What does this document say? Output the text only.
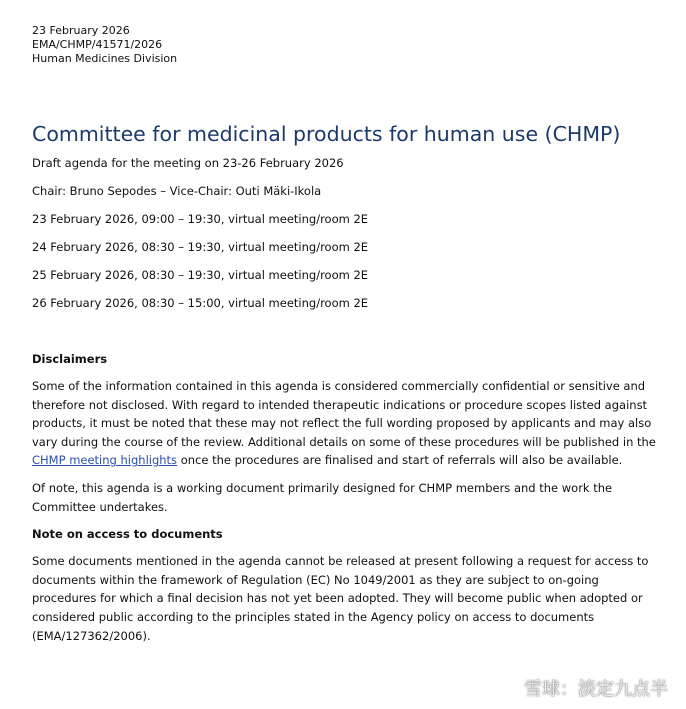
23 February 2026

EMA/CHMP/41571/2026

Human Medicines Division

Committee for medicinal products for human use (CHMP)

Draft agenda for the meeting on 23-26 February 2026

Chair: Bruno Sepodes – Vice-Chair: Outi Mäki-Ikola

23 February 2026, 09:00 – 19:30, virtual meeting/room 2E

24 February 2026, 08:30 – 19:30, virtual meeting/room 2E

25 February 2026, 08:30 – 19:30, virtual meeting/room 2E

26 February 2026, 08:30 – 15:00, virtual meeting/room 2E

Disclaimers

Some of the information contained in this agenda is considered commercially confidential or sensitive and therefore not disclosed. With regard to intended therapeutic indications or procedure scopes listed against products, it must be noted that these may not reflect the full wording proposed by applicants and may also vary during the course of the review. Additional details on some of these procedures will be published in the CHMP meeting highlights once the procedures are finalised and start of referrals will also be available.

Of note, this agenda is a working document primarily designed for CHMP members and the work the Committee undertakes.

Note on access to documents

Some documents mentioned in the agenda cannot be released at present following a request for access to documents within the framework of Regulation (EC) No 1049/2001 as they are subject to on-going procedures for which a final decision has not yet been adopted. They will become public when adopted or considered public according to the principles stated in the Agency policy on access to documents (EMA/127362/2006).

雪球：淡定九点半
